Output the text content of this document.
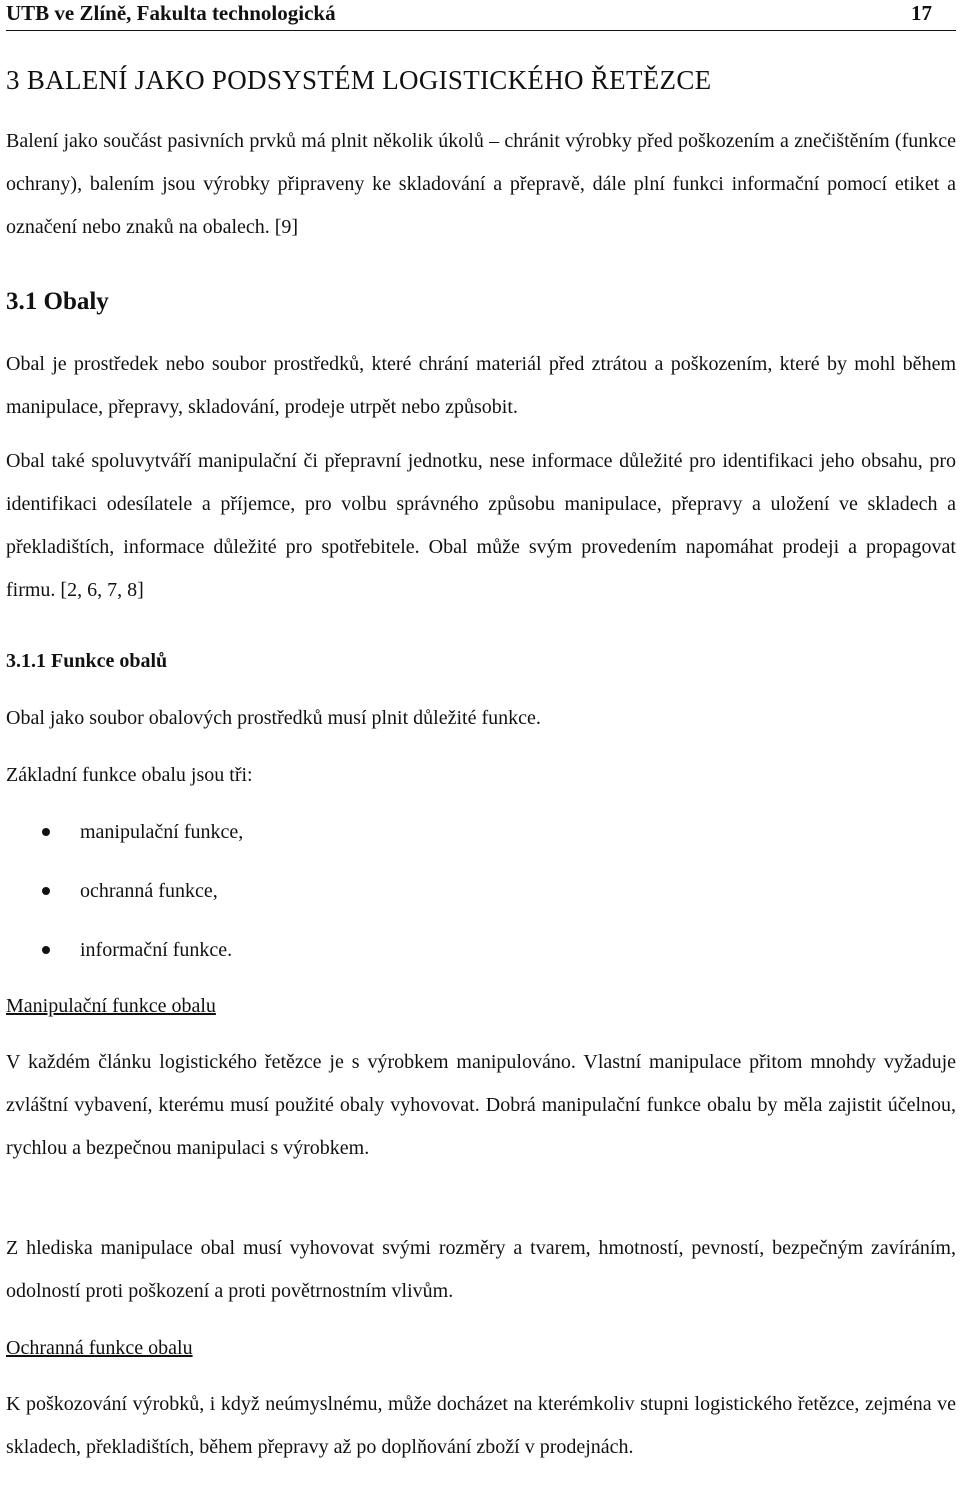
UTB ve Zlíně, Fakulta technologická	17
3 BALENÍ JAKO PODSYSTÉM LOGISTICKÉHO ŘETĚZCE

Balení jako součást pasivních prvků má plnit několik úkolů – chránit výrobky před poškozením a znečištěním (funkce ochrany), balením jsou výrobky připraveny ke skladování a přepravě, dále plní funkci informační pomocí etiket a označení nebo znaků na obalech. [9]

3.1 Obaly

Obal je prostředek nebo soubor prostředků, které chrání materiál před ztrátou a poškozením, které by mohl během manipulace, přepravy, skladování, prodeje utrpět nebo způsobit.

Obal také spoluvytváří manipulační či přepravní jednotku, nese informace důležité pro identifikaci jeho obsahu, pro identifikaci odesílatele a příjemce, pro volbu správného způsobu manipulace, přepravy a uložení ve skladech a překladištích, informace důležité pro spotřebitele. Obal může svým provedením napomáhat prodeji a propagovat firmu. [2, 6, 7, 8]

3.1.1 Funkce obalů

Obal jako soubor obalových prostředků musí plnit důležité funkce.

Základní funkce obalu jsou tři:

manipulační funkce,
ochranná funkce,
informační funkce.
Manipulační funkce obalu

V každém článku logistického řetězce je s výrobkem manipulováno. Vlastní manipulace přitom mnohdy vyžaduje zvláštní vybavení, kterému musí použité obaly vyhovovat. Dobrá manipulační funkce obalu by měla zajistit účelnou, rychlou a bezpečnou manipulaci s výrobkem.

Z hlediska manipulace obal musí vyhovovat svými rozměry a tvarem, hmotností, pevností, bezpečným zavíráním, odolností proti poškození a proti povětrnostním vlivům.

Ochranná funkce obalu

K poškozování výrobků, i když neúmyslnému, může docházet na kterémkoliv stupni logistického řetězce, zejména ve skladech, překladištích, během přepravy až po doplňování zboží v prodejnách.
